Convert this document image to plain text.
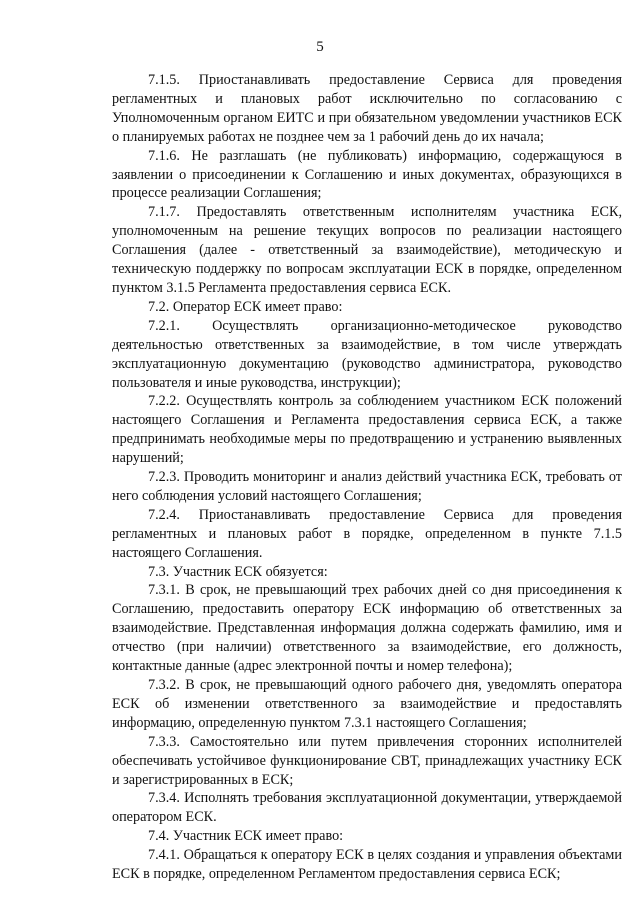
5

7.1.5. Приостанавливать предоставление Сервиса для проведения регламентных и плановых работ исключительно по согласованию с Уполномоченным органом ЕИТС и при обязательном уведомлении участников ЕСК о планируемых работах не позднее чем за 1 рабочий день до их начала;

7.1.6. Не разглашать (не публиковать) информацию, содержащуюся в заявлении о присоединении к Соглашению и иных документах, образующихся в процессе реализации Соглашения;

7.1.7. Предоставлять ответственным исполнителям участника ЕСК, уполномоченным на решение текущих вопросов по реализации настоящего Соглашения (далее - ответственный за взаимодействие), методическую и техническую поддержку по вопросам эксплуатации ЕСК в порядке, определенном пунктом 3.1.5 Регламента предоставления сервиса ЕСК.

7.2. Оператор ЕСК имеет право:

7.2.1. Осуществлять организационно-методическое руководство деятельностью ответственных за взаимодействие, в том числе утверждать эксплуатационную документацию (руководство администратора, руководство пользователя и иные руководства, инструкции);

7.2.2. Осуществлять контроль за соблюдением участником ЕСК положений настоящего Соглашения и Регламента предоставления сервиса ЕСК, а также предпринимать необходимые меры по предотвращению и устранению выявленных нарушений;

7.2.3. Проводить мониторинг и анализ действий участника ЕСК, требовать от него соблюдения условий настоящего Соглашения;

7.2.4. Приостанавливать предоставление Сервиса для проведения регламентных и плановых работ в порядке, определенном в пункте 7.1.5 настоящего Соглашения.

7.3. Участник ЕСК обязуется:

7.3.1. В срок, не превышающий трех рабочих дней со дня присоединения к Соглашению, предоставить оператору ЕСК информацию об ответственных за взаимодействие. Представленная информация должна содержать фамилию, имя и отчество (при наличии) ответственного за взаимодействие, его должность, контактные данные (адрес электронной почты и номер телефона);

7.3.2. В срок, не превышающий одного рабочего дня, уведомлять оператора ЕСК об изменении ответственного за взаимодействие и предоставлять информацию, определенную пунктом 7.3.1 настоящего Соглашения;

7.3.3. Самостоятельно или путем привлечения сторонних исполнителей обеспечивать устойчивое функционирование СВТ, принадлежащих участнику ЕСК и зарегистрированных в ЕСК;

7.3.4. Исполнять требования эксплуатационной документации, утверждаемой оператором ЕСК.

7.4. Участник ЕСК имеет право:

7.4.1. Обращаться к оператору ЕСК в целях создания и управления объектами ЕСК в порядке, определенном Регламентом предоставления сервиса ЕСК;
